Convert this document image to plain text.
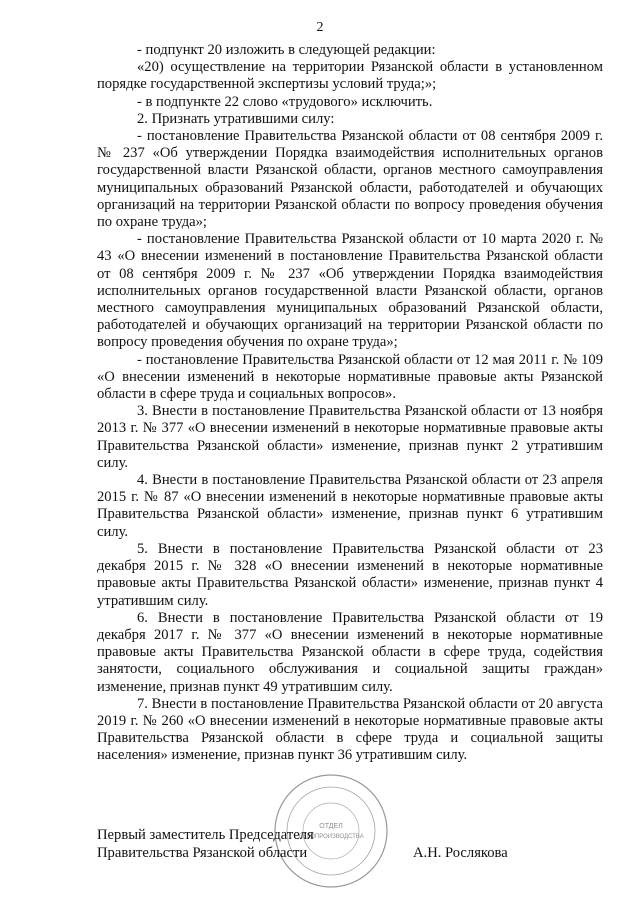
2

- подпункт 20 изложить в следующей редакции:

«20) осуществление на территории Рязанской области в установленном порядке государственной экспертизы условий труда;»;

- в подпункте 22 слово «трудового» исключить.

2. Признать утратившими силу:

- постановление Правительства Рязанской области от 08 сентября 2009 г. № 237 «Об утверждении Порядка взаимодействия исполнительных органов государственной власти Рязанской области, органов местного самоуправления муниципальных образований Рязанской области, работодателей и обучающих организаций на территории Рязанской области по вопросу проведения обучения по охране труда»;

- постановление Правительства Рязанской области от 10 марта 2020 г. № 43 «О внесении изменений в постановление Правительства Рязанской области от 08 сентября 2009 г. № 237 «Об утверждении Порядка взаимодействия исполнительных органов государственной власти Рязанской области, органов местного самоуправления муниципальных образований Рязанской области, работодателей и обучающих организаций на территории Рязанской области по вопросу проведения обучения по охране труда»;

- постановление Правительства Рязанской области от 12 мая 2011 г. № 109 «О внесении изменений в некоторые нормативные правовые акты Рязанской области в сфере труда и социальных вопросов».

3. Внести в постановление Правительства Рязанской области от 13 ноября 2013 г. № 377 «О внесении изменений в некоторые нормативные правовые акты Правительства Рязанской области» изменение, признав пункт 2 утратившим силу.

4. Внести в постановление Правительства Рязанской области от 23 апреля 2015 г. № 87 «О внесении изменений в некоторые нормативные правовые акты Правительства Рязанской области» изменение, признав пункт 6 утратившим силу.

5. Внести в постановление Правительства Рязанской области от 23 декабря 2015 г. № 328 «О внесении изменений в некоторые нормативные правовые акты Правительства Рязанской области» изменение, признав пункт 4 утратившим силу.

6. Внести в постановление Правительства Рязанской области от 19 декабря 2017 г. № 377 «О внесении изменений в некоторые нормативные правовые акты Правительства Рязанской области в сфере труда, содействия занятости, социального обслуживания и социальной защиты граждан» изменение, признав пункт 49 утратившим силу.

7. Внести в постановление Правительства Рязанской области от 20 августа 2019 г. № 260 «О внесении изменений в некоторые нормативные правовые акты Правительства Рязанской области в сфере труда и социальной защиты населения» изменение, признав пункт 36 утратившим силу.

ОТДЕЛ
ДЕЛОПРОИЗВОДСТВА

Первый заместитель Председателя

Правительства Рязанской области	А.Н. Рослякова
